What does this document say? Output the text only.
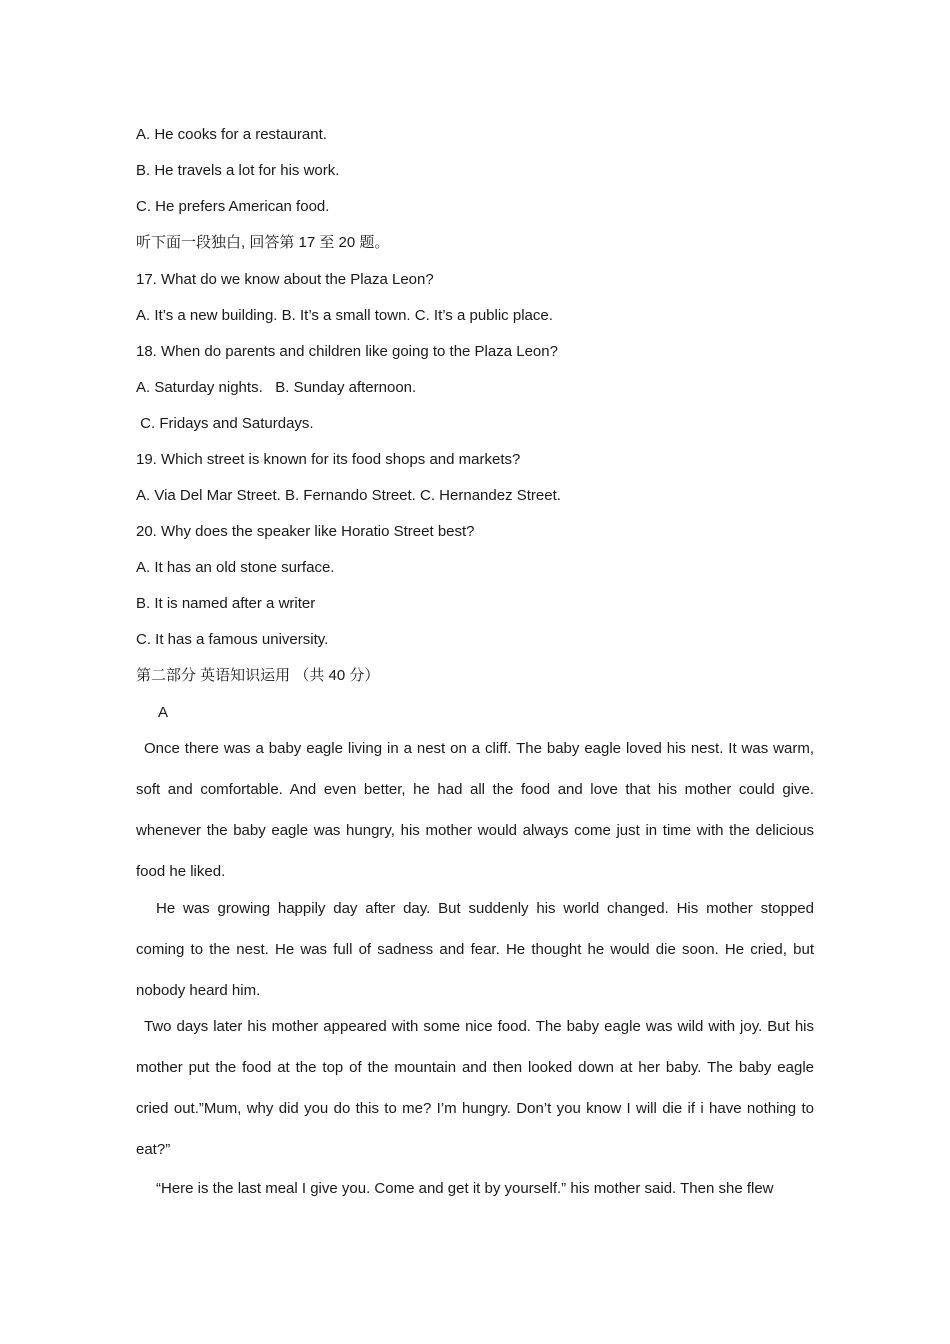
A. He cooks for a restaurant.
B. He travels a lot for his work.
C. He prefers American food.
听下面一段独白, 回答第 17 至 20 题。
17. What do we know about the Plaza Leon?
A. It’s a new building. B. It’s a small town. C. It’s a public place.
18. When do parents and children like going to the Plaza Leon?
A. Saturday nights.   B. Sunday afternoon.
C. Fridays and Saturdays.
19. Which street is known for its food shops and markets?
A. Via Del Mar Street. B. Fernando Street. C. Hernandez Street.
20. Why does the speaker like Horatio Street best?
A. It has an old stone surface.
B. It is named after a writer
C. It has a famous university.
第二部分 英语知识运用 （共 40 分）
A
Once there was a baby eagle living in a nest on a cliff. The baby eagle loved his nest. It was warm, soft and comfortable. And even better, he had all the food and love that his mother could give. whenever the baby eagle was hungry, his mother would always come just in time with the delicious food he liked.
He was growing happily day after day. But suddenly his world changed. His mother stopped coming to the nest. He was full of sadness and fear. He thought he would die soon. He cried, but nobody heard him.
Two days later his mother appeared with some nice food. The baby eagle was wild with joy. But his mother put the food at the top of the mountain and then looked down at her baby. The baby eagle cried out.”Mum, why did you do this to me? I’m hungry. Don’t you know I will die if i have nothing to eat?”
“Here is the last meal I give you. Come and get it by yourself.” his mother said. Then she flew
